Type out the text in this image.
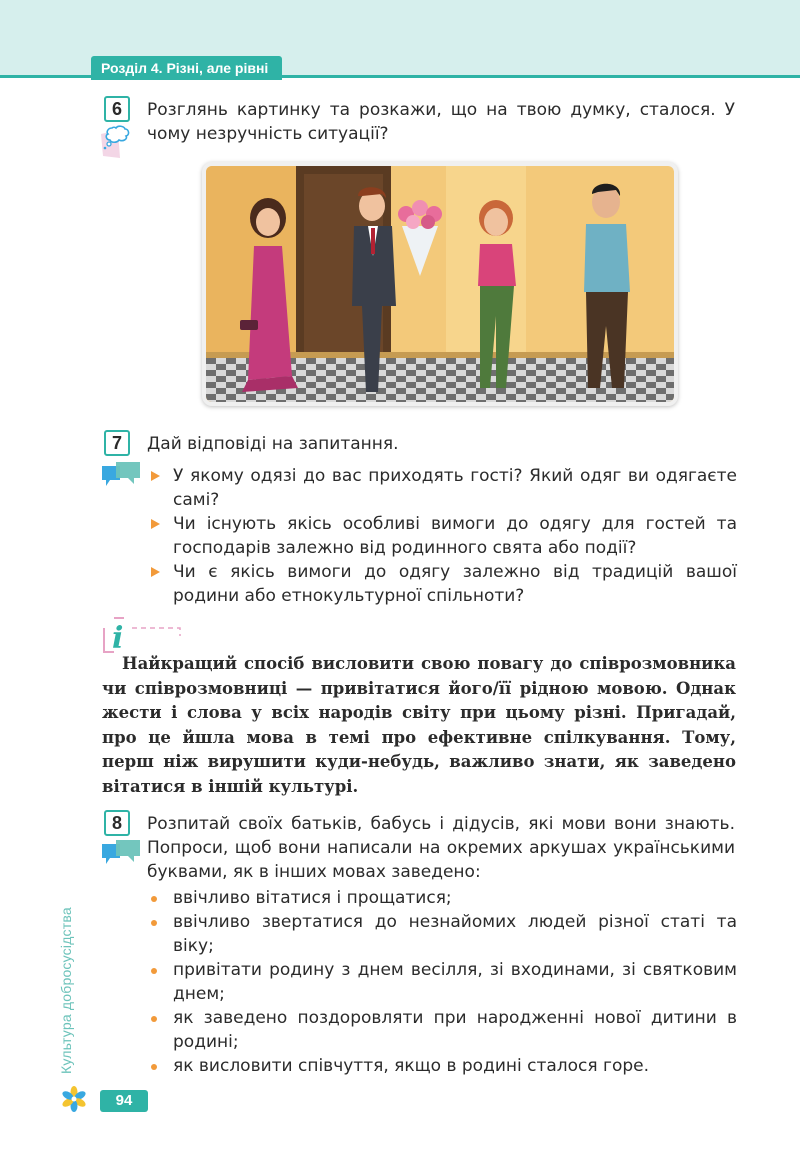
Розділ 4. Різні, але рівні
6	Розглянь картинку та розкажи, що на твою думку, сталося. У чому незручність ситуації?
7	Дай відповіді на запитання.
У якому одязі до вас приходять гості? Який одяг ви одягаєте самі?
Чи існують якісь особливі вимоги до одягу для гостей та господарів залежно від родинного свята або події?
Чи є якісь вимоги до одягу залежно від традицій вашої родини або етнокультурної спільноти?
i
Найкращий спосіб висловити свою повагу до співрозмовника чи співрозмовниці — привітатися його/її рідною мовою. Однак жести і слова у всіх народів світу при цьому різні. Пригадай, про це йшла мова в темі про ефективне спілкування. Тому, перш ніж вирушити куди-небудь, важливо знати, як заведено вітатися в іншій культурі.
8	Розпитай своїх батьків, бабусь і дідусів, які мови вони знають. Попроси, щоб вони написали на окремих аркушах українськими буквами, як в інших мовах заведено:
ввічливо вітатися і прощатися;
ввічливо звертатися до незнайомих людей різної статі та віку;
привітати родину з днем весілля, зі входинами, зі святковим днем;
як заведено поздоровляти при народженні нової дитини в родині;
як висловити співчуття, якщо в родині сталося горе.
Культура добросусідства
94
